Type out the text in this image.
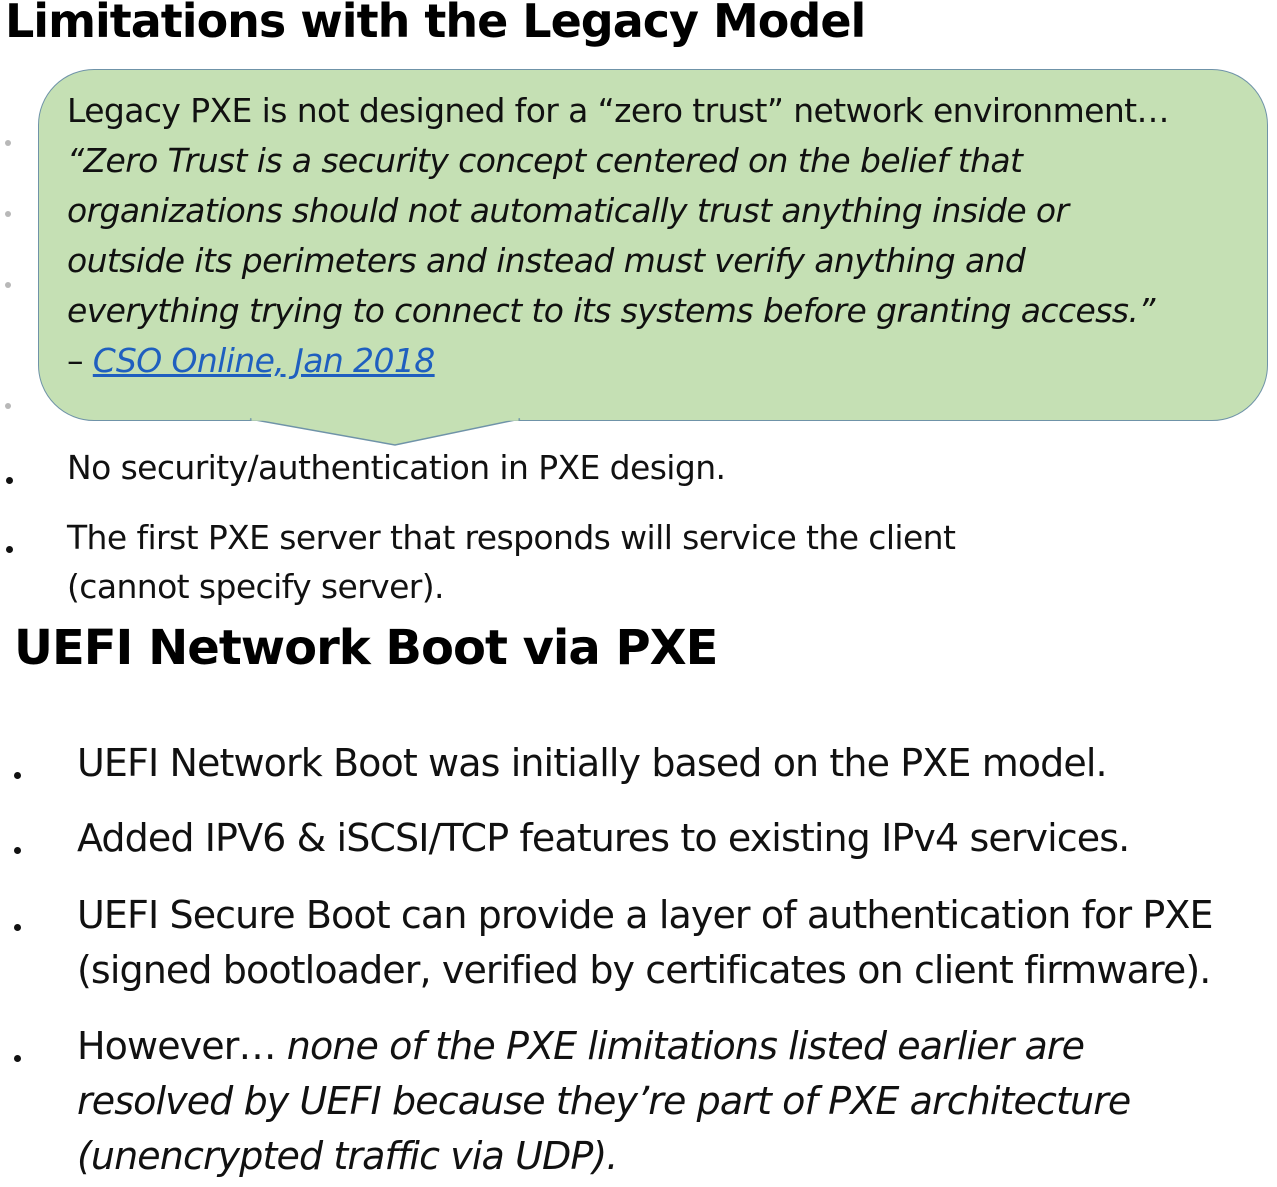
Limitations with the Legacy Model
No security/authentication in PXE design.
The first PXE server that responds will service the client
(cannot specify server).
Legacy PXE is not designed for a “zero trust” network environment…
“Zero Trust is a security concept centered on the belief that
organizations should not automatically trust anything inside or
outside its perimeters and instead must verify anything and
everything trying to connect to its systems before granting access.”
– CSO Online, Jan 2018
UEFI Network Boot via PXE
UEFI Network Boot was initially based on the PXE model.
Added IPV6 & iSCSI/TCP features to existing IPv4 services.
UEFI Secure Boot can provide a layer of authentication for PXE
(signed bootloader, verified by certificates on client firmware).
However… none of the PXE limitations listed earlier are
resolved by UEFI because they’re part of PXE architecture
(unencrypted traffic via UDP).
